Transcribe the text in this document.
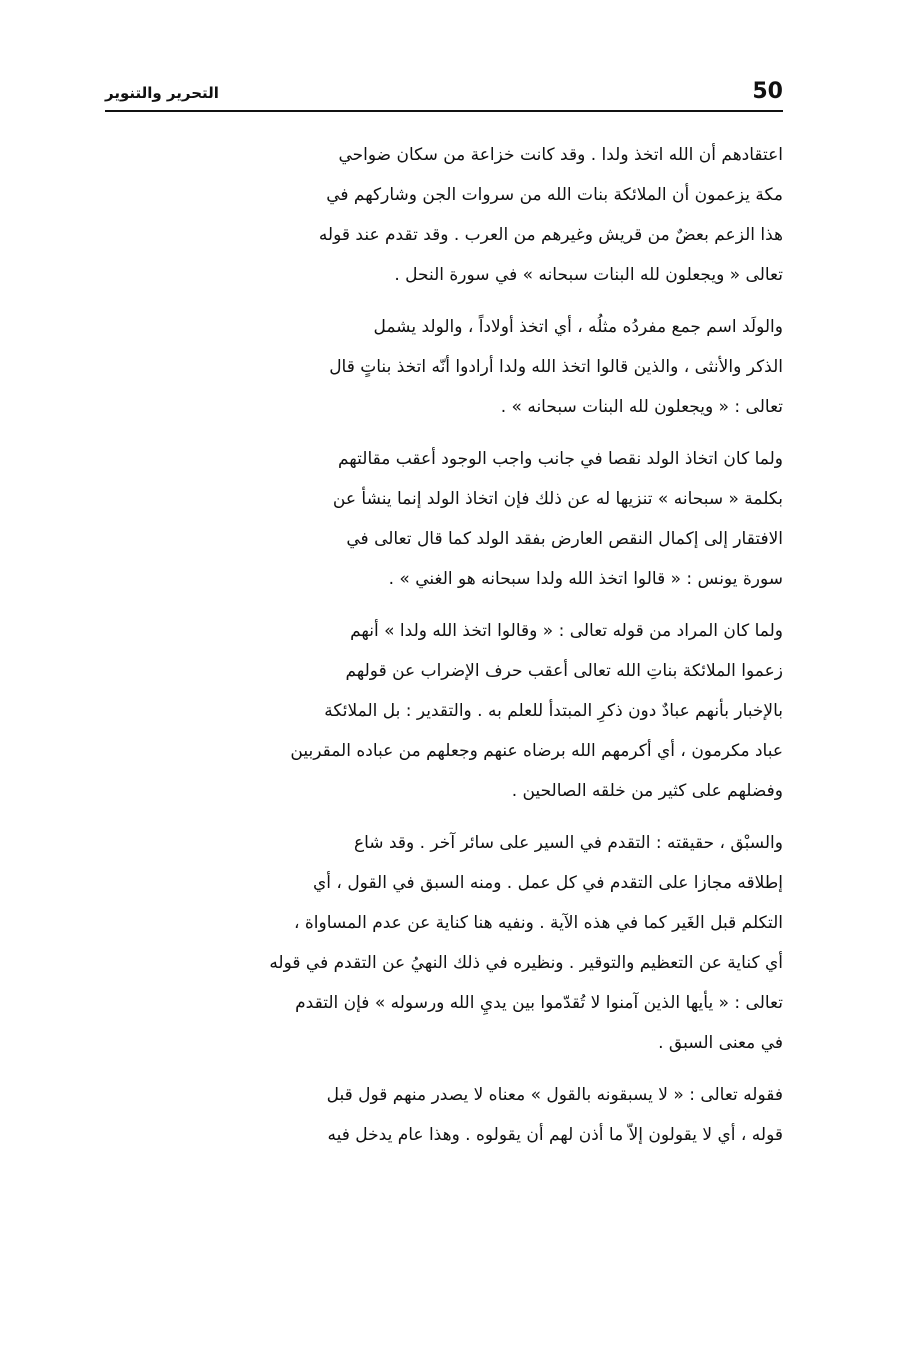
التحرير والتنوير	50
اعتقادهم أن الله اتخذ ولدا . وقد كانت خزاعة من سكان ضواحي
مكة يزعمون أن الملائكة بنات الله من سروات الجن وشاركهم في
هذا الزعم بعضٌ من قريش وغيرهم من العرب . وقد تقدم عند قوله
تعالى « ويجعلون لله البنات سبحانه » في سورة النحل .
والولَد اسم جمع مفردُه مثلُه ، أي اتخذ أولاداً ، والولد يشمل
الذكر والأنثى ، والذين قالوا اتخذ الله ولدا أرادوا أنّه اتخذ بناتٍ قال
تعالى : « ويجعلون لله البنات سبحانه » .
ولما كان اتخاذ الولد نقصا في جانب واجب الوجود أعقب مقالتهم
بكلمة « سبحانه » تنزيها له عن ذلك فإن اتخاذ الولد إنما ينشأ عن
الافتقار إلى إكمال النقص العارض بفقد الولد كما قال تعالى في
سورة يونس : « قالوا اتخذ الله ولدا سبحانه هو الغني » .
ولما كان المراد من قوله تعالى : « وقالوا اتخذ الله ولدا » أنهم
زعموا الملائكة بناتِ الله تعالى أعقب حرف الإضراب عن قولهم
بالإخبار بأنهم عبادٌ دون ذكرِ المبتدأ للعلم به . والتقدير : بل الملائكة
عباد مكرمون ، أي أكرمهم الله برضاه عنهم وجعلهم من عباده المقربين
وفضلهم على كثير من خلقه الصالحين .
والسبْق ، حقيقته : التقدم في السير على سائر آخر . وقد شاع
إطلاقه مجازا على التقدم في كل عمل . ومنه السبق في القول ، أي
التكلم قبل الغَير كما في هذه الآية . ونفيه هنا كناية عن عدم المساواة ،
أي كناية عن التعظيم والتوقير . ونظيره في ذلك النهيُ عن التقدم في قوله
تعالى : « يأيها الذين آمنوا لا تُقدّموا بين يديِ الله ورسوله » فإن التقدم
في معنى السبق .
فقوله تعالى : « لا يسبقونه بالقول » معناه لا يصدر منهم قول قبل
قوله ، أي لا يقولون إلاّ ما أذن لهم أن يقولوه . وهذا عام يدخل فيه
